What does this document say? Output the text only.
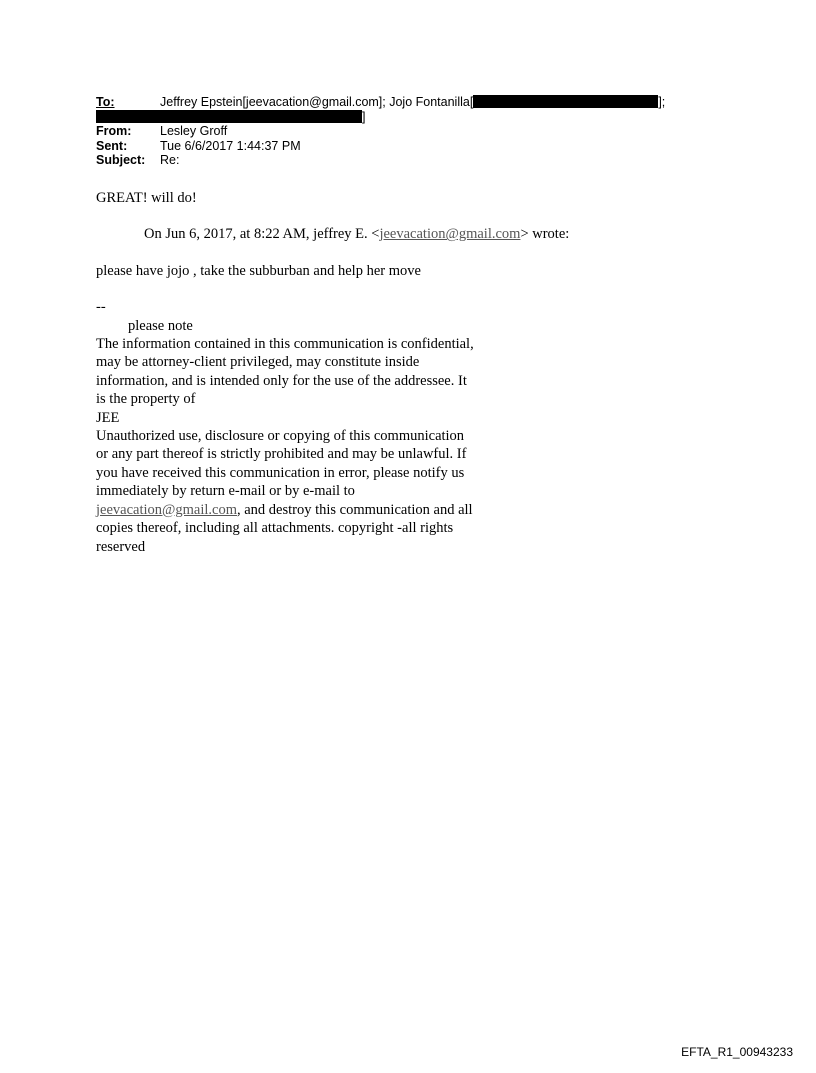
To:	Jeffrey Epstein[jeevacation@gmail.com]; Jojo Fontanilla[	];
]
From: Lesley Groff
Sent:	Tue 6/6/2017 1:44:37 PM
Subject: Re:

GREAT! will do!

On Jun 6, 2017, at 8:22 AM, jeffrey E. <jeevacation@gmail.com> wrote:

please have jojo , take the subburban and help her move

--

please note

The information contained in this communication is confidential, may be attorney-client privileged, may constitute inside information, and is intended only for the use of the addressee. It is the property of

JEE

Unauthorized use, disclosure or copying of this communication or any part thereof is strictly prohibited and may be unlawful. If you have received this communication in error, please notify us immediately by return e-mail or by e-mail to jeevacation@gmail.com, and destroy this communication and all copies thereof, including all attachments. copyright -all rights reserved

EFTA_R1_00943233
